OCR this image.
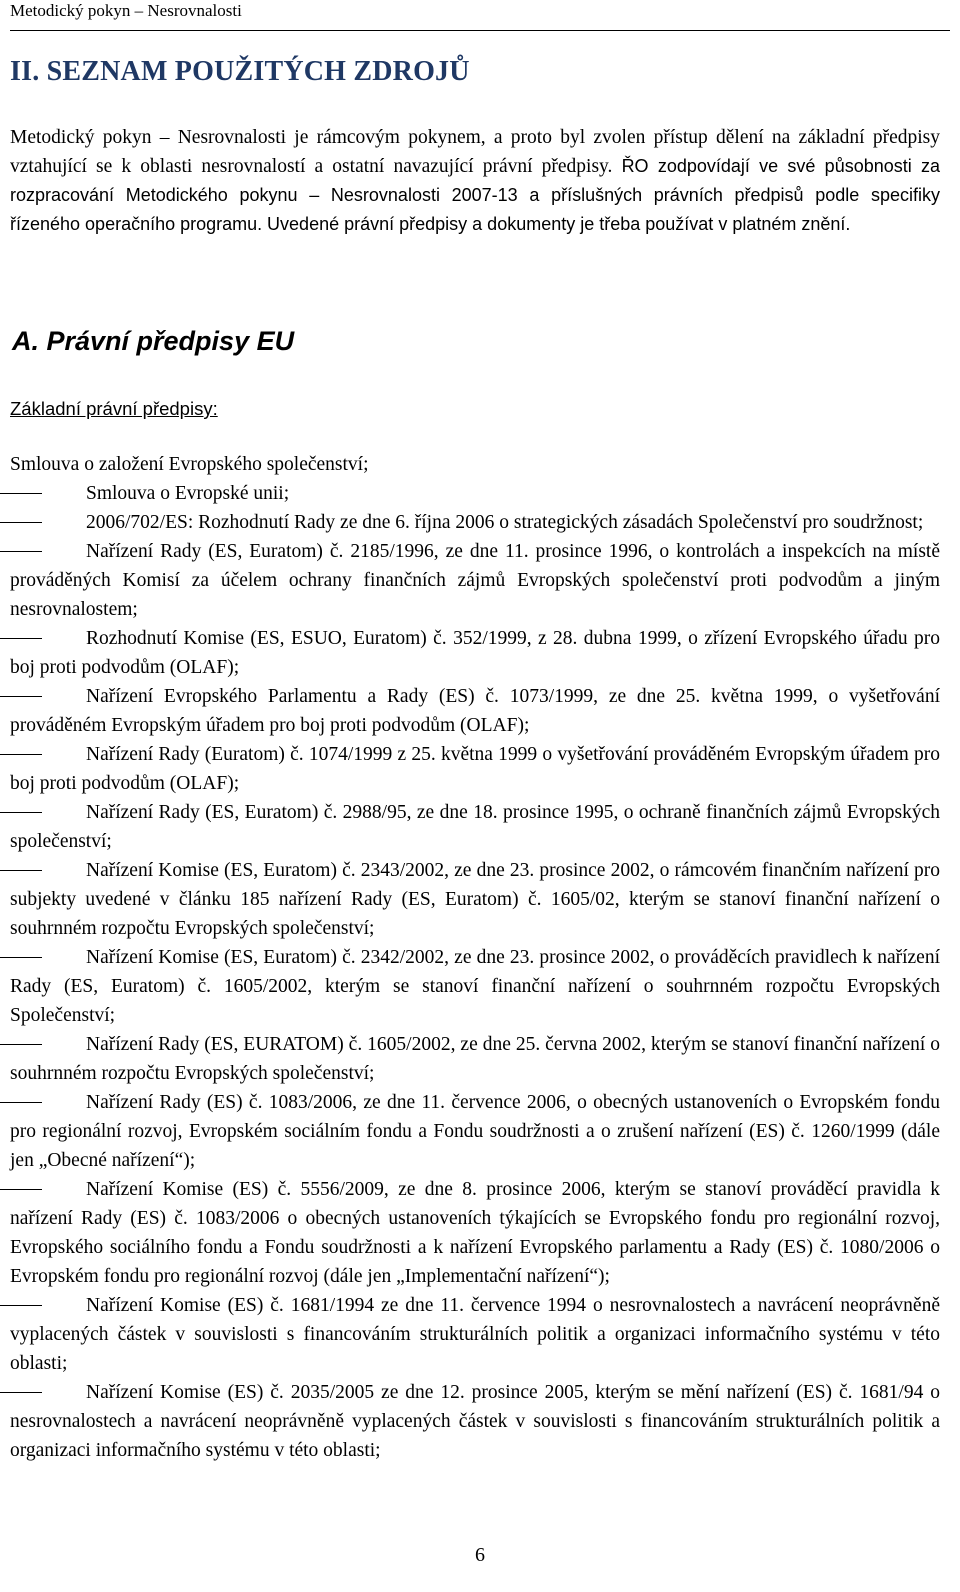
Metodický pokyn – Nesrovnalosti
II. SEZNAM POUŽITÝCH ZDROJŮ

Metodický pokyn – Nesrovnalosti je rámcovým pokynem, a proto byl zvolen přístup dělení na základní předpisy vztahující se k oblasti nesrovnalostí a ostatní navazující právní předpisy. ŘO zodpovídají ve své působnosti za rozpracování Metodického pokynu – Nesrovnalosti 2007-13 a příslušných právních předpisů podle specifiky řízeného operačního programu. Uvedené právní předpisy a dokumenty je třeba používat v platném znění.

A. Právní předpisy EU
Základní právní předpisy:

Smlouva o založení Evropského společenství;

Smlouva o Evropské unii;

2006/702/ES: Rozhodnutí Rady ze dne 6. října 2006 o strategických zásadách Společenství pro soudržnost;

Nařízení Rady (ES, Euratom) č. 2185/1996, ze dne 11. prosince 1996, o kontrolách a inspekcích na místě prováděných Komisí za účelem ochrany finančních zájmů Evropských společenství proti podvodům a jiným nesrovnalostem;

Rozhodnutí Komise (ES, ESUO, Euratom) č. 352/1999, z 28. dubna 1999, o zřízení Evropského úřadu pro boj proti podvodům (OLAF);

Nařízení Evropského Parlamentu a Rady (ES) č. 1073/1999, ze dne 25. května 1999, o vyšetřování prováděném Evropským úřadem pro boj proti podvodům (OLAF);

Nařízení Rady (Euratom) č. 1074/1999 z 25. května 1999 o vyšetřování prováděném Evropským úřadem pro boj proti podvodům (OLAF);

Nařízení Rady (ES, Euratom) č. 2988/95, ze dne 18. prosince 1995, o ochraně finančních zájmů Evropských společenství;

Nařízení Komise (ES, Euratom) č. 2343/2002, ze dne 23. prosince 2002, o rámcovém finančním nařízení pro subjekty uvedené v článku 185 nařízení Rady (ES, Euratom) č. 1605/02, kterým se stanoví finanční nařízení o souhrnném rozpočtu Evropských společenství;

Nařízení Komise (ES, Euratom) č. 2342/2002, ze dne 23. prosince 2002, o prováděcích pravidlech k nařízení Rady (ES, Euratom) č. 1605/2002, kterým se stanoví finanční nařízení o souhrnném rozpočtu Evropských Společenství;

Nařízení Rady (ES, EURATOM) č. 1605/2002, ze dne 25. června 2002, kterým se stanoví finanční nařízení o souhrnném rozpočtu Evropských společenství;

Nařízení Rady (ES) č. 1083/2006, ze dne 11. července 2006, o obecných ustanoveních o Evropském fondu pro regionální rozvoj, Evropském sociálním fondu a Fondu soudržnosti a o zrušení nařízení (ES) č. 1260/1999 (dále jen „Obecné nařízení“);

Nařízení Komise (ES) č. 5556/2009, ze dne 8. prosince 2006, kterým se stanoví prováděcí pravidla k nařízení Rady (ES) č. 1083/2006 o obecných ustanoveních týkajících se Evropského fondu pro regionální rozvoj, Evropského sociálního fondu a Fondu soudržnosti a k nařízení Evropského parlamentu a Rady (ES) č. 1080/2006 o Evropském fondu pro regionální rozvoj (dále jen „Implementační nařízení“);

Nařízení Komise (ES) č. 1681/1994 ze dne 11. července 1994 o nesrovnalostech a navrácení neoprávněně vyplacených částek v souvislosti s financováním strukturálních politik a organizaci informačního systému v této oblasti;

Nařízení Komise (ES) č. 2035/2005 ze dne 12. prosince 2005, kterým se mění nařízení (ES) č. 1681/94 o nesrovnalostech a navrácení neoprávněně vyplacených částek v souvislosti s financováním strukturálních politik a organizaci informačního systému v této oblasti;

6
